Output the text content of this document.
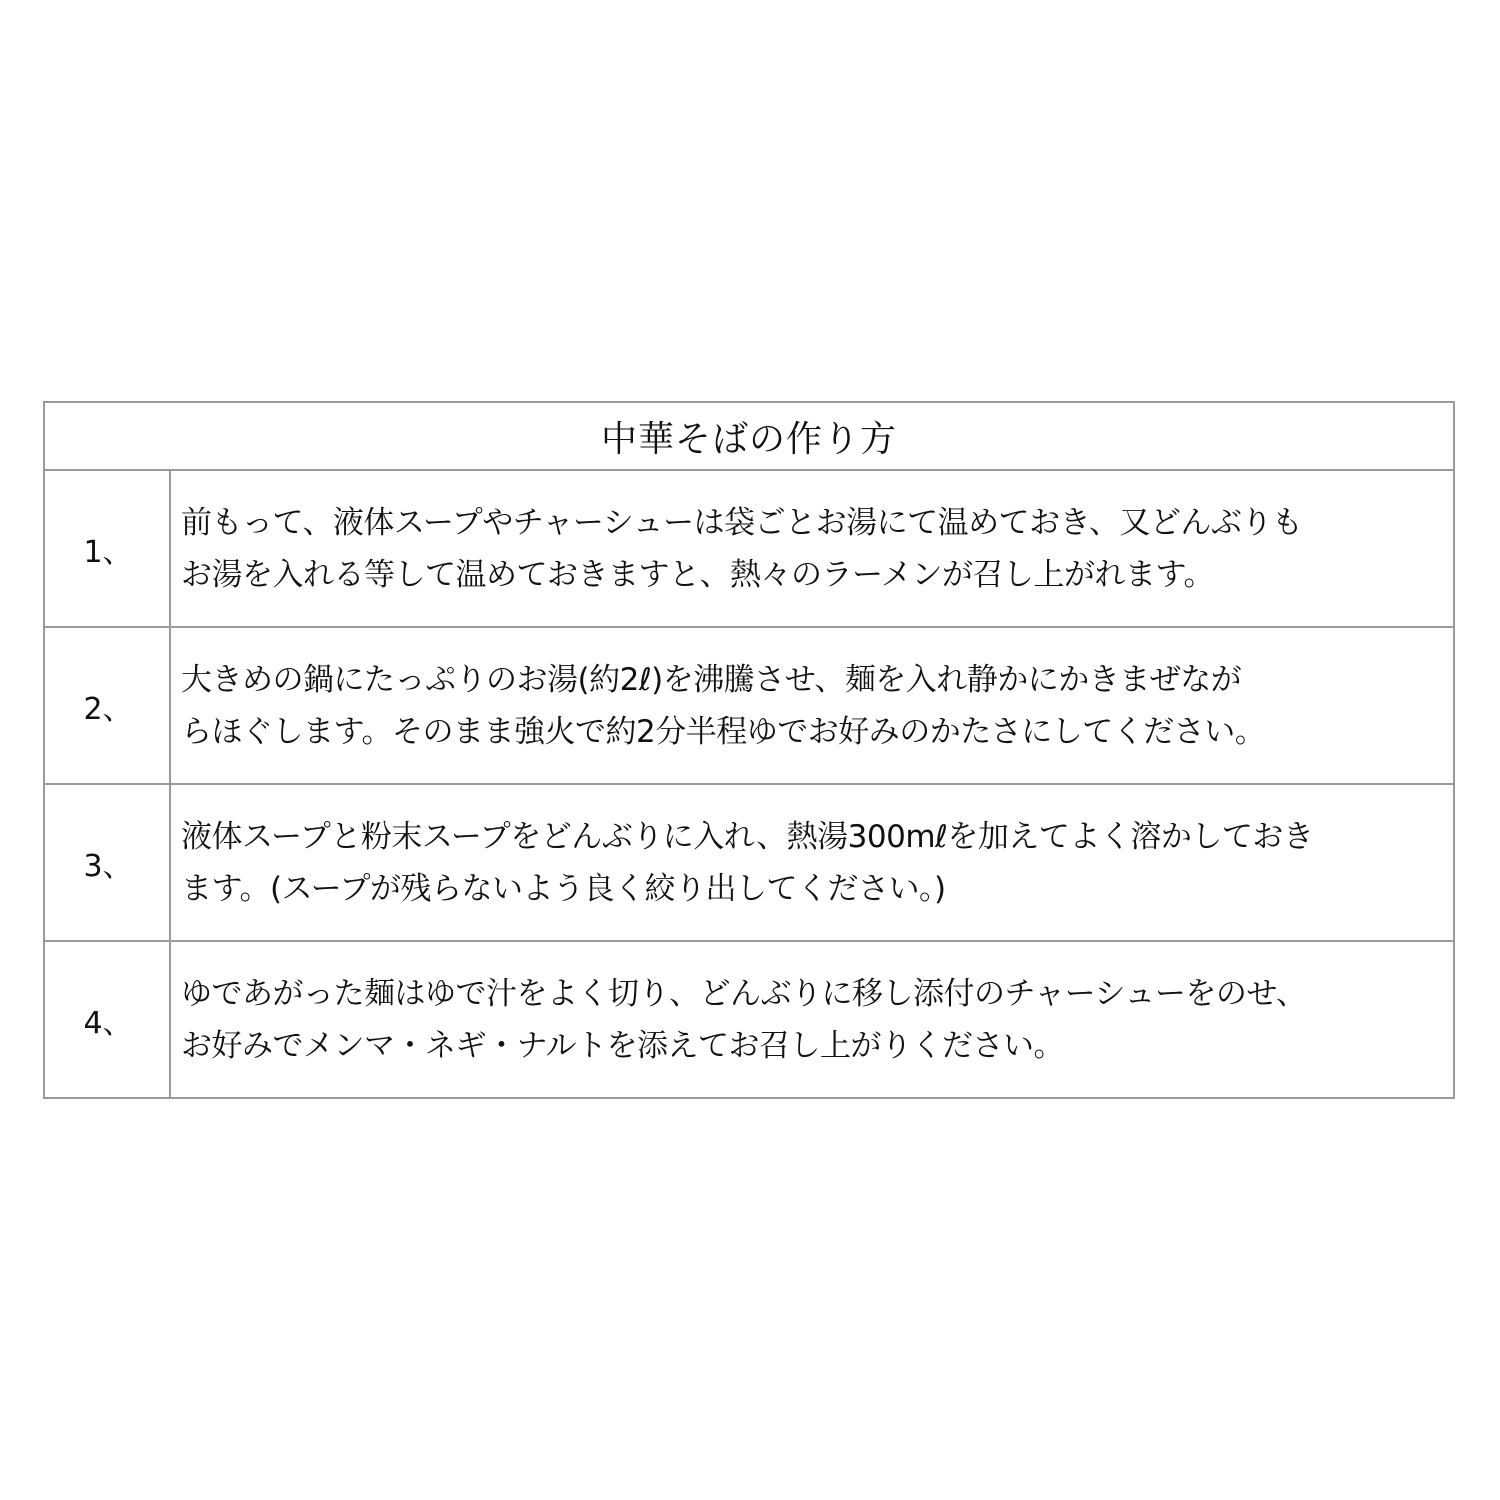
中華そばの作り方	
1、	前もって、液体スープやチャーシューは袋ごとお湯にて温めておき、又どんぶりも
お湯を入れる等して温めておきますと、熱々のラーメンが召し上がれます。
2、	大きめの鍋にたっぷりのお湯(約2ℓ)を沸騰させ、麺を入れ静かにかきまぜなが
らほぐします。そのまま強火で約2分半程ゆでお好みのかたさにしてください。
3、	液体スープと粉末スープをどんぶりに入れ、熱湯300mℓを加えてよく溶かしておき
ます。(スープが残らないよう良く絞り出してください。)
4、	ゆであがった麺はゆで汁をよく切り、どんぶりに移し添付のチャーシューをのせ、
お好みでメンマ・ネギ・ナルトを添えてお召し上がりください。
